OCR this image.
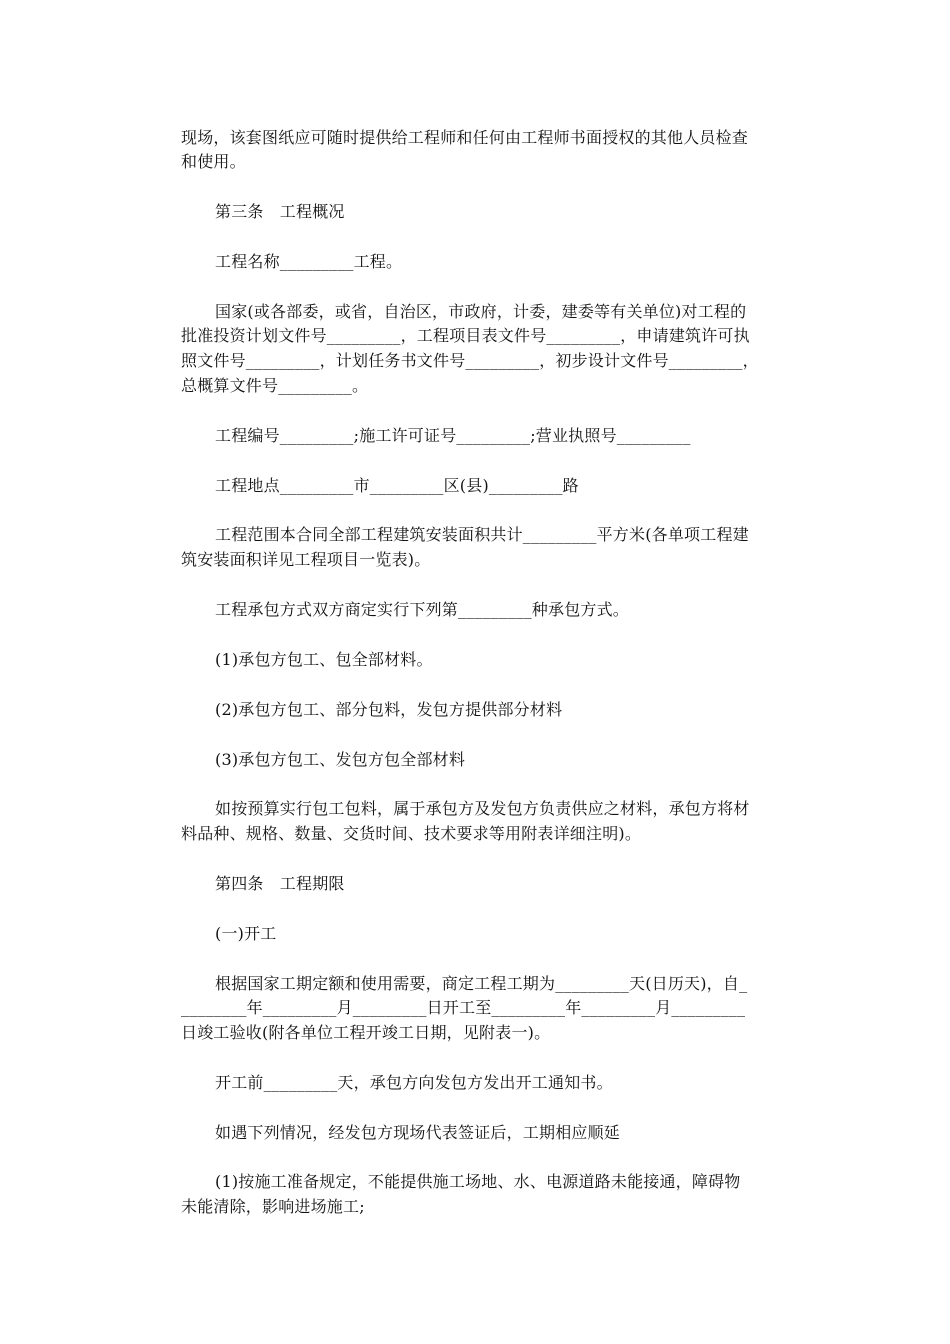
现场，该套图纸应可随时提供给工程师和任何由工程师书面授权的其他人员检查
和使用。
第三条　工程概况
工程名称_________工程。
国家(或各部委，或省，自治区，市政府，计委，建委等有关单位)对工程的
批准投资计划文件号_________，工程项目表文件号_________，申请建筑许可执
照文件号_________，计划任务书文件号_________，初步设计文件号_________，
总概算文件号_________。
工程编号_________;施工许可证号_________;营业执照号_________
工程地点_________市_________区(县)_________路
工程范围本合同全部工程建筑安装面积共计_________平方米(各单项工程建
筑安装面积详见工程项目一览表)。
工程承包方式双方商定实行下列第_________种承包方式。
(1)承包方包工、包全部材料。
(2)承包方包工、部分包料，发包方提供部分材料
(3)承包方包工、发包方包全部材料
如按预算实行包工包料，属于承包方及发包方负责供应之材料，承包方将材
料品种、规格、数量、交货时间、技术要求等用附表详细注明)。
第四条　工程期限
(一)开工
根据国家工期定额和使用需要，商定工程工期为_________天(日历天)，自_
________年_________月_________日开工至_________年_________月_________
日竣工验收(附各单位工程开竣工日期，见附表一)。
开工前_________天，承包方向发包方发出开工通知书。
如遇下列情况，经发包方现场代表签证后，工期相应顺延
(1)按施工准备规定，不能提供施工场地、水、电源道路未能接通，障碍物
未能清除，影响进场施工;
